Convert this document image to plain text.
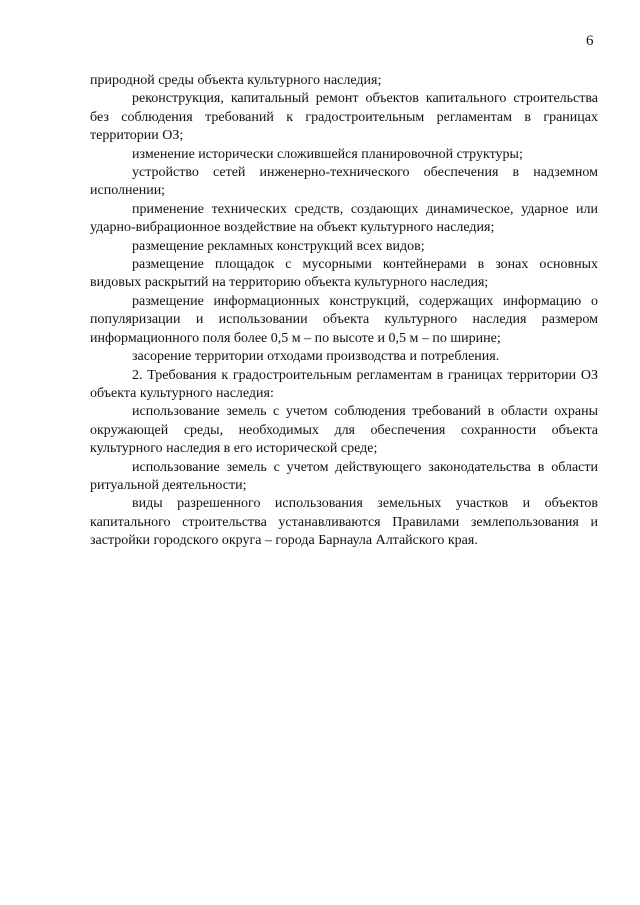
6

природной среды объекта культурного наследия;

реконструкция, капитальный ремонт объектов капитального строительства без соблюдения требований к градостроительным регламентам в границах территории ОЗ;

изменение исторически сложившейся планировочной структуры;

устройство сетей инженерно-технического обеспечения в надземном исполнении;

применение технических средств, создающих динамическое, ударное или ударно-вибрационное воздействие на объект культурного наследия;

размещение рекламных конструкций всех видов;

размещение площадок с мусорными контейнерами в зонах основных видовых раскрытий на территорию объекта культурного наследия;

размещение информационных конструкций, содержащих информацию о популяризации и использовании объекта культурного наследия размером информационного поля более 0,5 м – по высоте и 0,5 м – по ширине;

засорение территории отходами производства и потребления.

2. Требования к градостроительным регламентам в границах территории ОЗ объекта культурного наследия:

использование земель с учетом соблюдения требований в области охраны окружающей среды, необходимых для обеспечения сохранности объекта культурного наследия в его исторической среде;

использование земель с учетом действующего законодательства в области ритуальной деятельности;

виды разрешенного использования земельных участков и объектов капитального строительства устанавливаются Правилами землепользования и застройки городского округа – города Барнаула Алтайского края.
